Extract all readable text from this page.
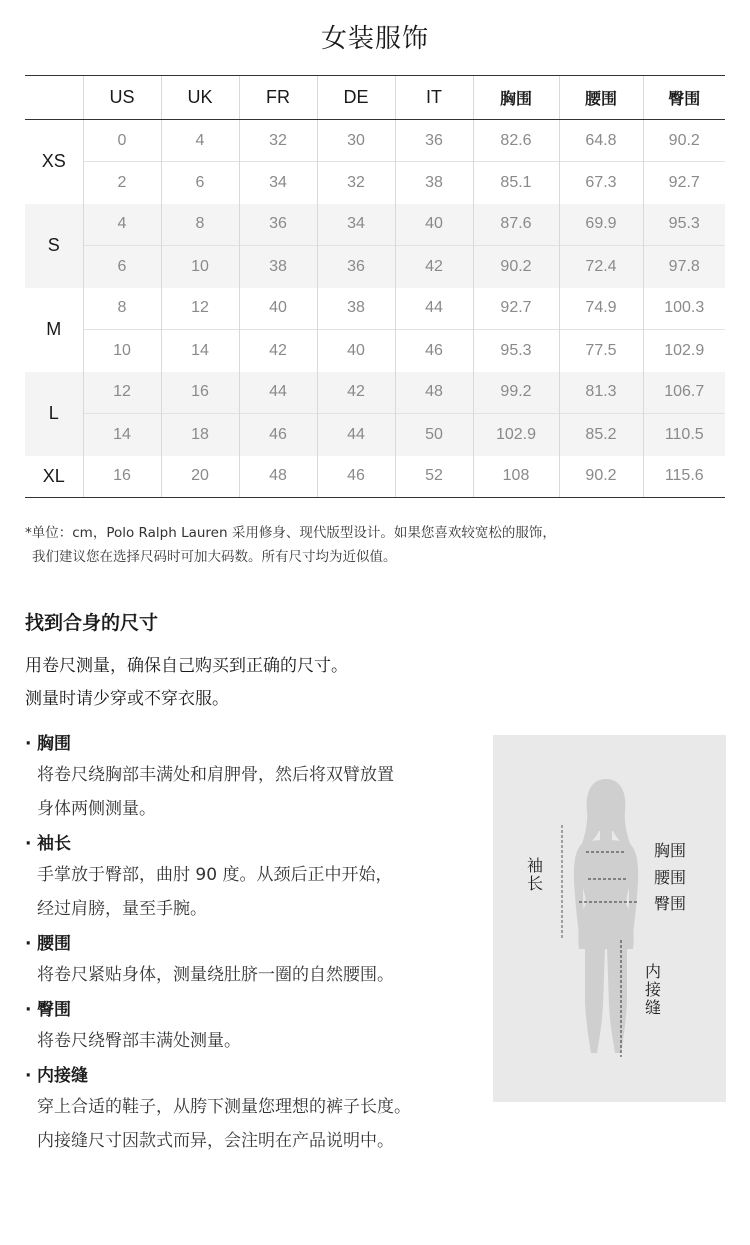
女装服饰
	US	UK	FR	DE	IT	胸围	腰围	臀围
XS	0	4	32	30	36	82.6	64.8	90.2
	2	6	34	32	38	85.1	67.3	92.7
S	4	8	36	34	40	87.6	69.9	95.3
	6	10	38	36	42	90.2	72.4	97.8
M	8	12	40	38	44	92.7	74.9	100.3
	10	14	42	40	46	95.3	77.5	102.9
L	12	16	44	42	48	99.2	81.3	106.7
	14	18	46	44	50	102.9	85.2	110.5
XL	16	20	48	46	52	108	90.2	115.6
*单位：cm，Polo Ralph Lauren 采用修身、现代版型设计。如果您喜欢较宽松的服饰，
我们建议您在选择尺码时可加大码数。所有尺寸均为近似值。
找到合身的尺寸
用卷尺测量，确保自己购买到正确的尺寸。
测量时请少穿或不穿衣服。
· 胸围
将卷尺绕胸部丰满处和肩胛骨，然后将双臂放置
身体两侧测量。
· 袖长
手掌放于臀部，曲肘 90 度。从颈后正中开始，
经过肩膀，量至手腕。
· 腰围
将卷尺紧贴身体，测量绕肚脐一圈的自然腰围。
· 臀围
将卷尺绕臀部丰满处测量。
· 内接缝
穿上合适的鞋子，从胯下测量您理想的裤子长度。
内接缝尺寸因款式而异，会注明在产品说明中。
袖长
胸围
腰围
臀围
内接缝
